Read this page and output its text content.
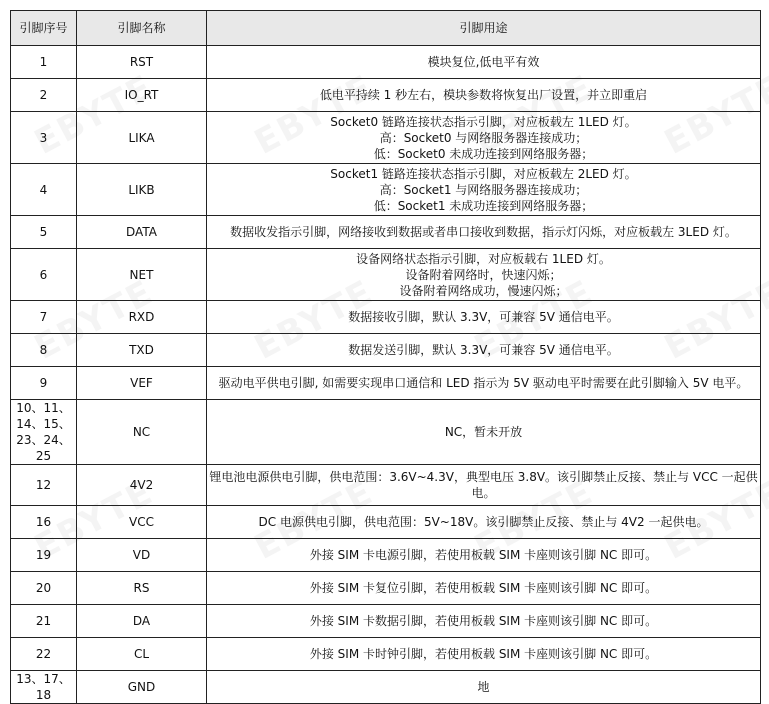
引脚序号	引脚名称	引脚用途
1	RST	模块复位,低电平有效

2	IO_RT	低电平持续 1 秒左右，模块参数将恢复出厂设置，并立即重启

3	LIKA	Socket0 链路连接状态指示引脚，对应板载左 1LED 灯。
高：Socket0 与网络服务器连接成功；
低：Socket0 未成功连接到网络服务器；

4	LIKB	Socket1 链路连接状态指示引脚，对应板载左 2LED 灯。
高：Socket1 与网络服务器连接成功；
低：Socket1 未成功连接到网络服务器；

5	DATA	数据收发指示引脚，网络接收到数据或者串口接收到数据，指示灯闪烁，对应板载左 3LED 灯。

6	NET	设备网络状态指示引脚，对应板载右 1LED 灯。
设备附着网络时，快速闪烁；
设备附着网络成功，慢速闪烁；

7	RXD	数据接收引脚，默认 3.3V，可兼容 5V 通信电平。

8	TXD	数据发送引脚，默认 3.3V，可兼容 5V 通信电平。

9	VEF	驱动电平供电引脚, 如需要实现串口通信和 LED 指示为 5V 驱动电平时需要在此引脚输入 5V 电平。

10、11、14、15、23、24、25	NC	NC，暂未开放

12	4V2	锂电池电源供电引脚，供电范围：3.6V~4.3V，典型电压 3.8V。该引脚禁止反接、禁止与 VCC 一起供电。

16	VCC	DC 电源供电引脚，供电范围：5V~18V。该引脚禁止反接、禁止与 4V2 一起供电。

19	VD	外接 SIM 卡电源引脚，若使用板载 SIM 卡座则该引脚 NC 即可。

20	RS	外接 SIM 卡复位引脚，若使用板载 SIM 卡座则该引脚 NC 即可。

21	DA	外接 SIM 卡数据引脚，若使用板载 SIM 卡座则该引脚 NC 即可。

22	CL	外接 SIM 卡时钟引脚，若使用板载 SIM 卡座则该引脚 NC 即可。

13、17、18	GND	地
